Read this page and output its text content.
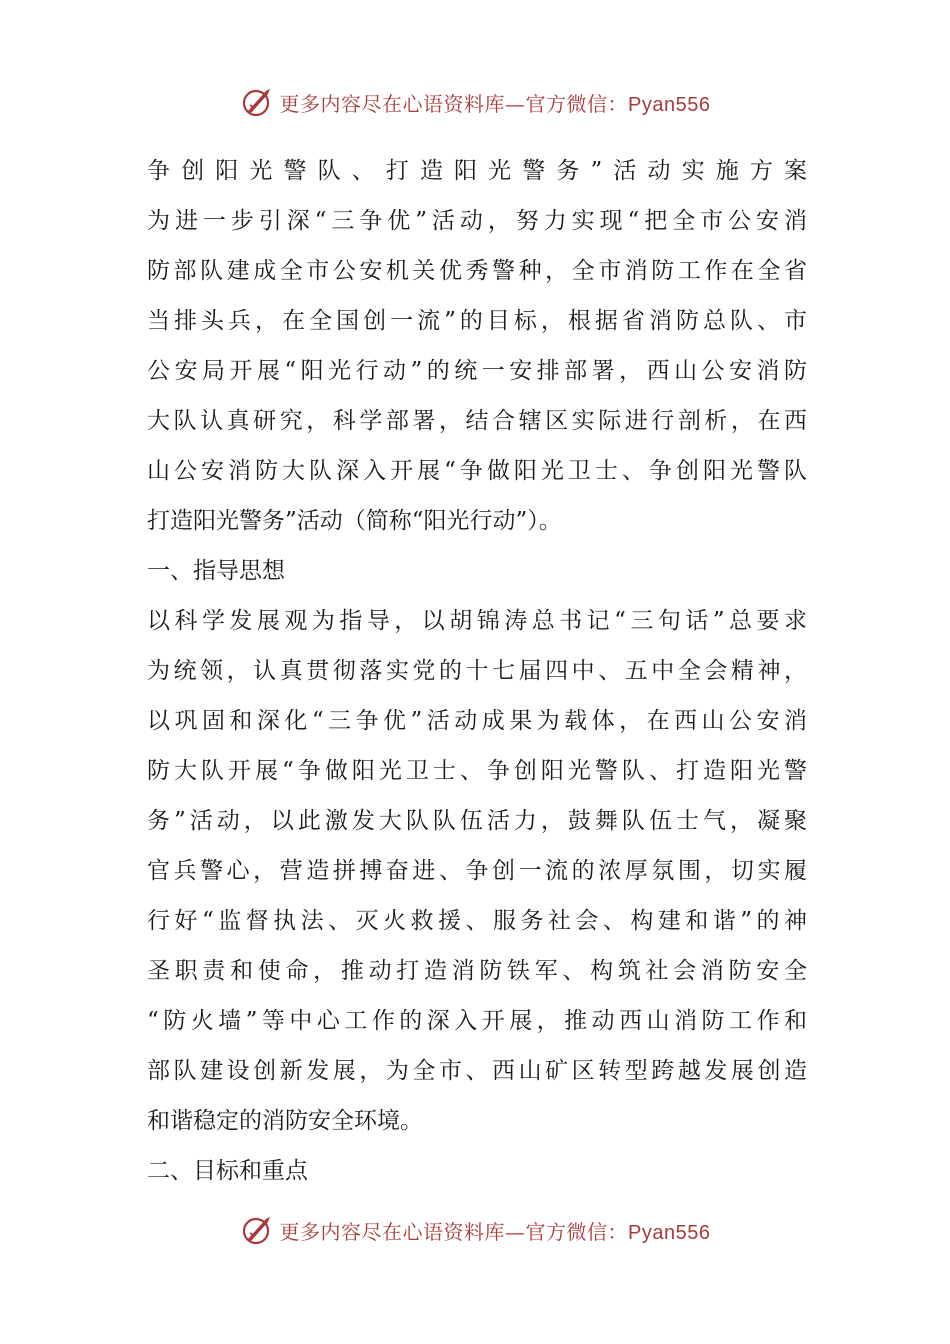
更多内容尽在心语资料库—官方微信：Pyan556
争创阳光警队、打造阳光警务”活动实施方案
为进一步引深“三争优”活动，努力实现“把全市公安消
防部队建成全市公安机关优秀警种，全市消防工作在全省
当排头兵，在全国创一流”的目标，根据省消防总队、市
公安局开展“阳光行动”的统一安排部署，西山公安消防
大队认真研究，科学部署，结合辖区实际进行剖析，在西
山公安消防大队深入开展“争做阳光卫士、争创阳光警队
打造阳光警务”活动（简称“阳光行动”）。
一、指导思想
以科学发展观为指导，以胡锦涛总书记“三句话”总要求
为统领，认真贯彻落实党的十七届四中、五中全会精神，
以巩固和深化“三争优”活动成果为载体，在西山公安消
防大队开展“争做阳光卫士、争创阳光警队、打造阳光警
务”活动，以此激发大队队伍活力，鼓舞队伍士气，凝聚
官兵警心，营造拼搏奋进、争创一流的浓厚氛围，切实履
行好“监督执法、灭火救援、服务社会、构建和谐”的神
圣职责和使命，推动打造消防铁军、构筑社会消防安全
“防火墙”等中心工作的深入开展，推动西山消防工作和
部队建设创新发展，为全市、西山矿区转型跨越发展创造
和谐稳定的消防安全环境。
二、目标和重点
更多内容尽在心语资料库—官方微信：Pyan556
